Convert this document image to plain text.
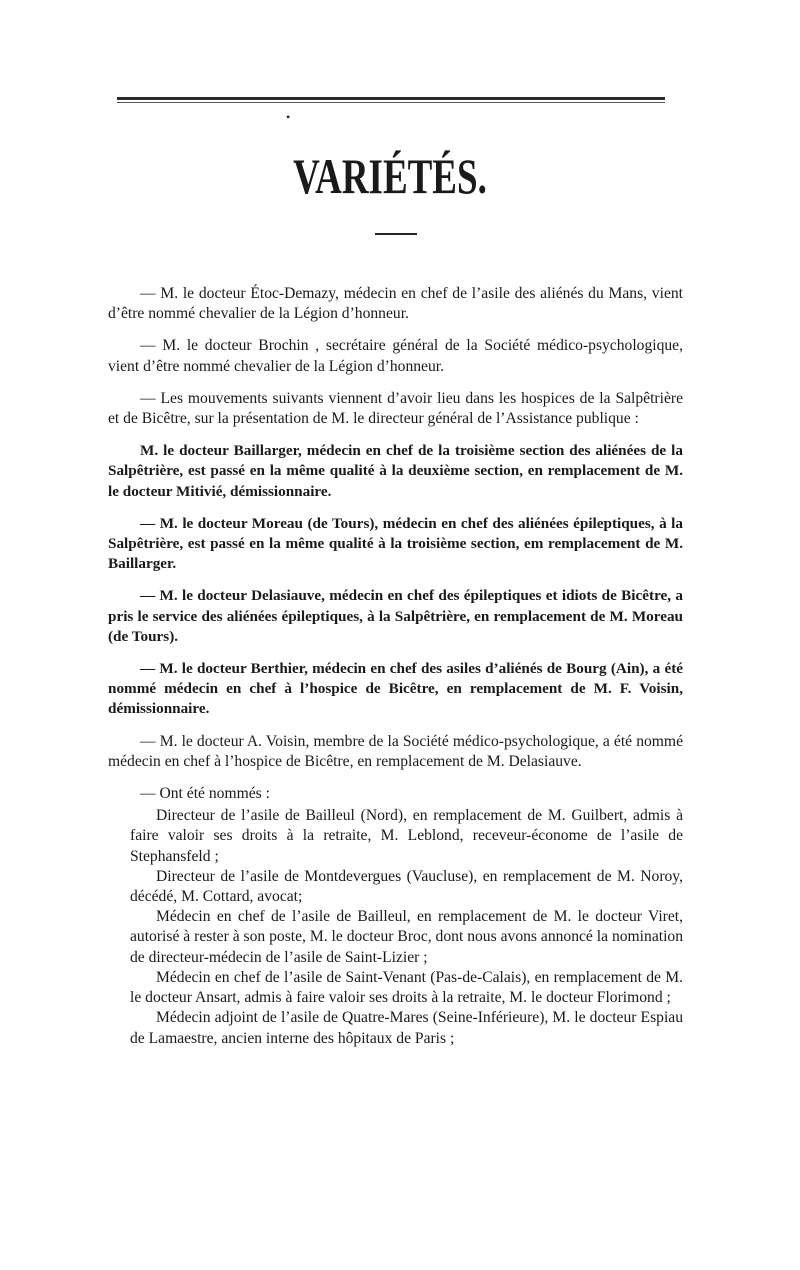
•
VARIÉTÉS.

— M. le docteur Étoc-Demazy, médecin en chef de l’asile des aliénés du Mans, vient d’être nommé chevalier de la Légion d’honneur.

— M. le docteur Brochin , secrétaire général de la Société médico-psychologique, vient d’être nommé chevalier de la Légion d’honneur.

— Les mouvements suivants viennent d’avoir lieu dans les hospices de la Salpêtrière et de Bicêtre, sur la présentation de M. le directeur général de l’Assistance publique :

M. le docteur Baillarger, médecin en chef de la troisième section des aliénées de la Salpêtrière, est passé en la même qualité à la deuxième section, en remplacement de M. le docteur Mitivié, démissionnaire.

— M. le docteur Moreau (de Tours), médecin en chef des aliénées épileptiques, à la Salpêtrière, est passé en la même qualité à la troisième section, em remplacement de M. Baillarger.

— M. le docteur Delasiauve, médecin en chef des épileptiques et idiots de Bicêtre, a pris le service des aliénées épileptiques, à la Salpêtrière, en remplacement de M. Moreau (de Tours).

— M. le docteur Berthier, médecin en chef des asiles d’aliénés de Bourg (Ain), a été nommé médecin en chef à l’hospice de Bicêtre, en remplacement de M. F. Voisin, démissionnaire.

— M. le docteur A. Voisin, membre de la Société médico-psychologique, a été nommé médecin en chef à l’hospice de Bicêtre, en remplacement de M. Delasiauve.

— Ont été nommés :

Directeur de l’asile de Bailleul (Nord), en remplacement de M. Guilbert, admis à faire valoir ses droits à la retraite, M. Leblond, receveur-économe de l’asile de Stephansfeld ;
Directeur de l’asile de Montdevergues (Vaucluse), en remplacement de M. Noroy, décédé, M. Cottard, avocat;
Médecin en chef de l’asile de Bailleul, en remplacement de M. le docteur Viret, autorisé à rester à son poste, M. le docteur Broc, dont nous avons annoncé la nomination de directeur-médecin de l’asile de Saint-Lizier ;
Médecin en chef de l’asile de Saint-Venant (Pas-de-Calais), en remplacement de M. le docteur Ansart, admis à faire valoir ses droits à la retraite, M. le docteur Florimond ;
Médecin adjoint de l’asile de Quatre-Mares (Seine-Inférieure), M. le docteur Espiau de Lamaestre, ancien interne des hôpitaux de Paris ;
